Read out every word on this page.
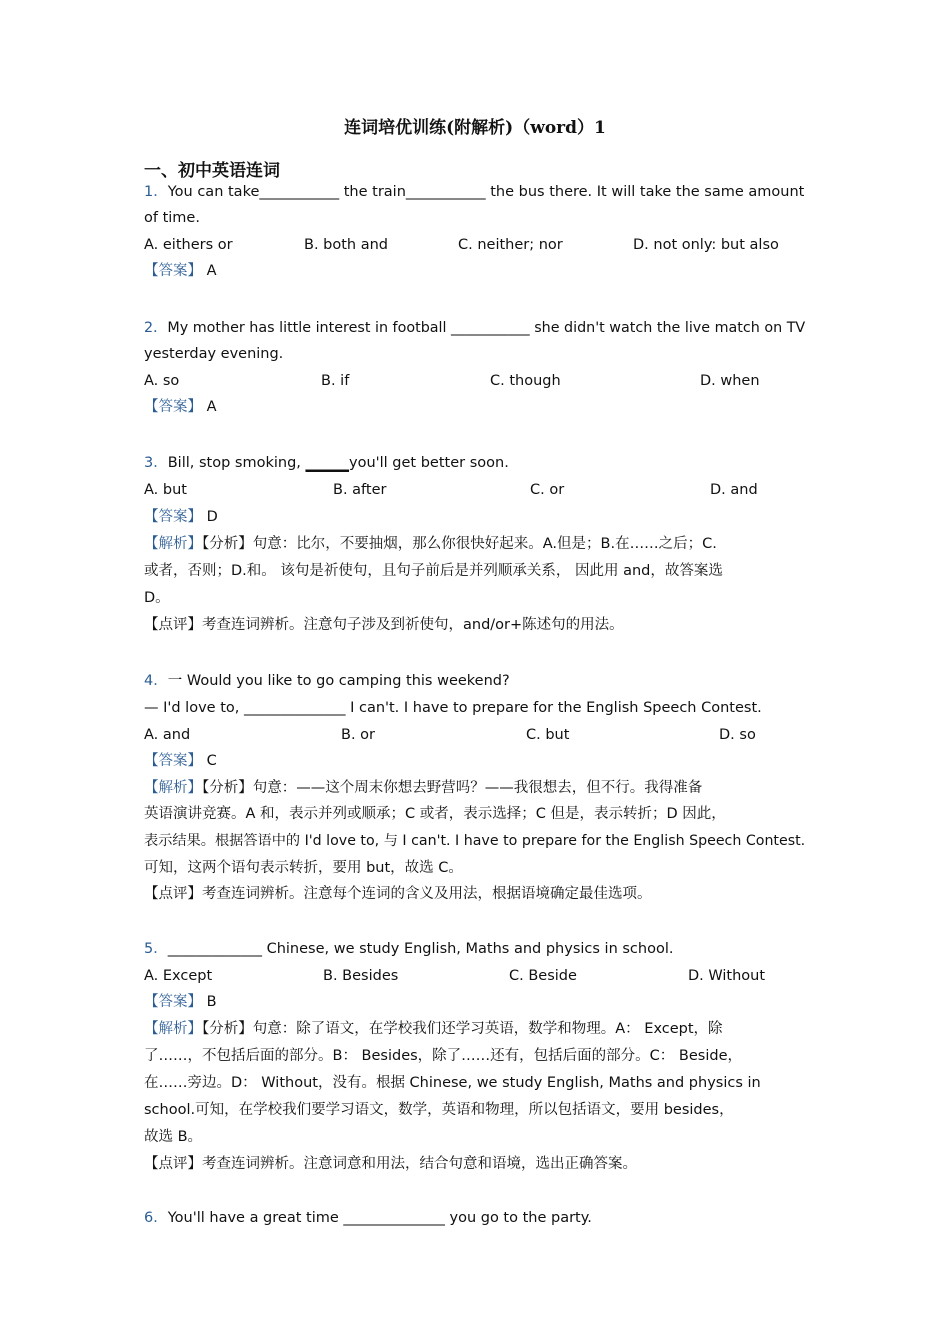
连词培优训练(附解析)（word）1
一、初中英语连词
1．You can take___________ the train___________ the bus there. It will take the same amount
of time.
A. eithers or	B. both and	C. neither; nor	D. not only: but also
【答案】 A
2．My mother has little interest in football ___________ she didn't watch the live match on TV
yesterday evening.
A. so	B. if	C. though	D. when
【答案】 A
3．Bill, stop smoking, ______you'll get better soon.
A. but	B. after	C. or	D. and
【答案】 D
【解析】【分析】句意：比尔，不要抽烟，那么你很快好起来。A.但是；B.在……之后；C.
或者，否则；D.和。 该句是祈使句，且句子前后是并列顺承关系， 因此用 and，故答案选
D。
【点评】考查连词辨析。注意句子涉及到祈使句，and/or+陈述句的用法。
4．一 Would you like to go camping this weekend?
— I'd love to, ______________ I can't. I have to prepare for the English Speech Contest.
A. and	B. or	C. but	D. so
【答案】 C
【解析】【分析】句意：——这个周末你想去野营吗？——我很想去，但不行。我得准备
英语演讲竞赛。A 和，表示并列或顺承；C 或者，表示选择；C 但是，表示转折；D 因此，
表示结果。根据答语中的 I'd love to, 与 I can't. I have to prepare for the English Speech Contest.
可知，这两个语句表示转折，要用 but，故选 C。
【点评】考查连词辨析。注意每个连词的含义及用法，根据语境确定最佳选项。
5．_____________ Chinese, we study English, Maths and physics in school.
A. Except	B. Besides	C. Beside	D. Without
【答案】 B
【解析】【分析】句意：除了语文，在学校我们还学习英语，数学和物理。A： Except，除
了……，不包括后面的部分。B： Besides，除了……还有，包括后面的部分。C： Beside，
在……旁边。D： Without，没有。根据 Chinese, we study English, Maths and physics in
school.可知，在学校我们要学习语文，数学，英语和物理，所以包括语文，要用 besides，
故选 B。
【点评】考查连词辨析。注意词意和用法，结合句意和语境，选出正确答案。
6．You'll have a great time ______________ you go to the party.
